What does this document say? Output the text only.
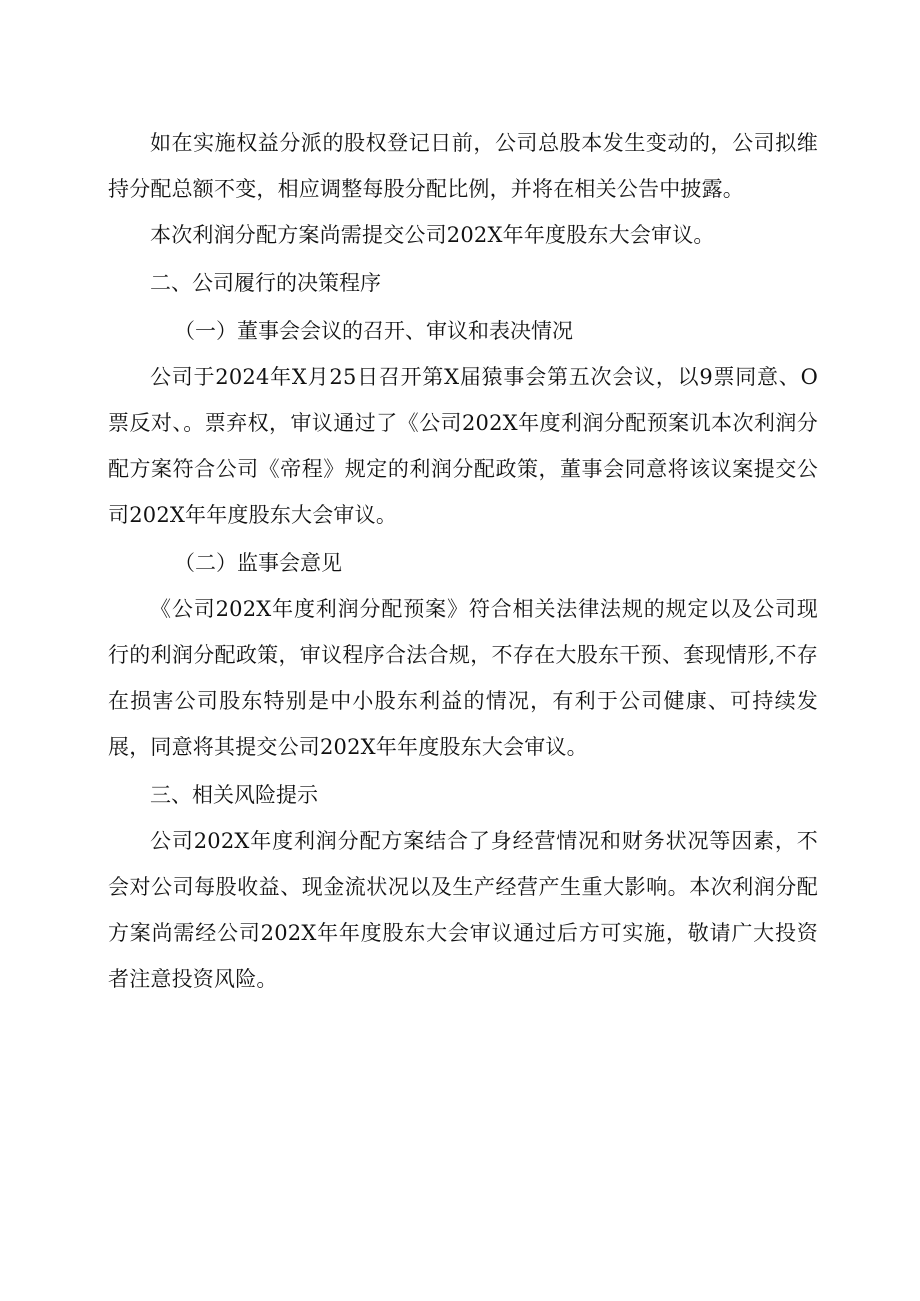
如在实施权益分派的股权登记日前，公司总股本发生变动的，公司拟维持分配总额不变，相应调整每股分配比例，并将在相关公告中披露。

本次利润分配方案尚需提交公司202X年年度股东大会审议。

二、公司履行的决策程序
（一）董事会会议的召开、审议和表决情况

公司于2024年X月25日召开第X届猿事会第五次会议，以9票同意、O票反对、。票弃权，审议通过了《公司202X年度利润分配预案讥本次利润分配方案符合公司《帝程》规定的利润分配政策，董事会同意将该议案提交公司202X年年度股东大会审议。

（二）监事会意见

《公司202X年度利润分配预案》符合相关法律法规的规定以及公司现行的利润分配政策，审议程序合法合规，不存在大股东干预、套现情形,不存在损害公司股东特别是中小股东利益的情况，有利于公司健康、可持续发展，同意将其提交公司202X年年度股东大会审议。

三、相关风险提示

公司202X年度利润分配方案结合了身经营情况和财务状况等因素，不会对公司每股收益、现金流状况以及生产经营产生重大影响。本次利润分配方案尚需经公司202X年年度股东大会审议通过后方可实施，敬请广大投资者注意投资风险。
